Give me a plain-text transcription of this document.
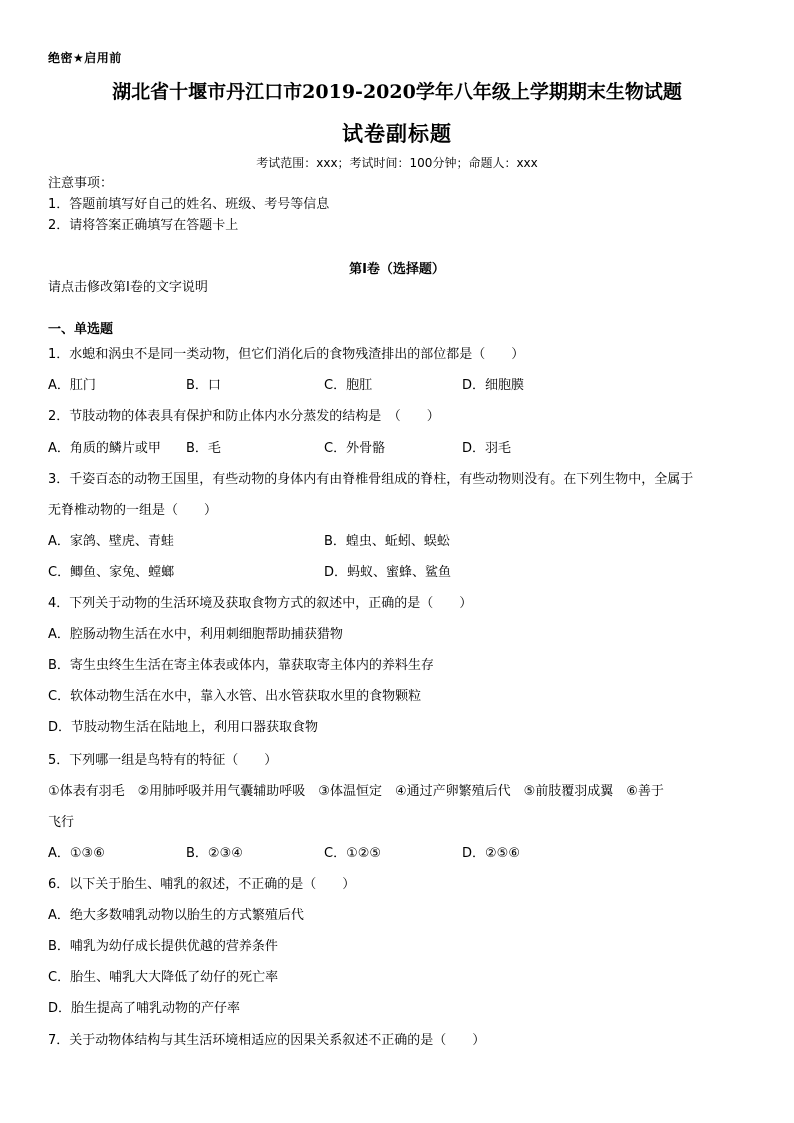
绝密★启用前
湖北省十堰市丹江口市2019-2020学年八年级上学期期末生物试题
试卷副标题
考试范围：xxx；考试时间：100分钟；命题人：xxx
注意事项：
1．答题前填写好自己的姓名、班级、考号等信息
2．请将答案正确填写在答题卡上
第I卷（选择题）
请点击修改第I卷的文字说明
一、单选题
1．水螅和涡虫不是同一类动物，但它们消化后的食物残渣排出的部位都是（　　）
A．肛门	B．口	C．胞肛	D．细胞膜
2．节肢动物的体表具有保护和防止体内水分蒸发的结构是　（　　）
A．角质的鳞片或甲 B．毛	C．外骨骼	D．羽毛
3．千姿百态的动物王国里，有些动物的身体内有由脊椎骨组成的脊柱，有些动物则没有。在下列生物中，全属于
无脊椎动物的一组是（　　）
A．家鸽、壁虎、青蛙	B．蝗虫、蚯蚓、蜈蚣
C．鲫鱼、家兔、螳螂	D．蚂蚁、蜜蜂、鲨鱼
4．下列关于动物的生活环境及获取食物方式的叙述中，正确的是（　　）
A．腔肠动物生活在水中，利用刺细胞帮助捕获猎物
B．寄生虫终生生活在寄主体表或体内，靠获取寄主体内的养料生存
C．软体动物生活在水中，靠入水管、出水管获取水里的食物颗粒
D．节肢动物生活在陆地上，利用口器获取食物
5．下列哪一组是鸟特有的特征（　　）
①体表有羽毛　②用肺呼吸并用气囊辅助呼吸　③体温恒定　④通过产卵繁殖后代　⑤前肢覆羽成翼　⑥善于
飞行
A．①③⑥	B．②③④	C．①②⑤	D．②⑤⑥
6．以下关于胎生、哺乳的叙述，不正确的是（　　）
A．绝大多数哺乳动物以胎生的方式繁殖后代
B．哺乳为幼仔成长提供优越的营养条件
C．胎生、哺乳大大降低了幼仔的死亡率
D．胎生提高了哺乳动物的产仔率
7．关于动物体结构与其生活环境相适应的因果关系叙述不正确的是（　　）
